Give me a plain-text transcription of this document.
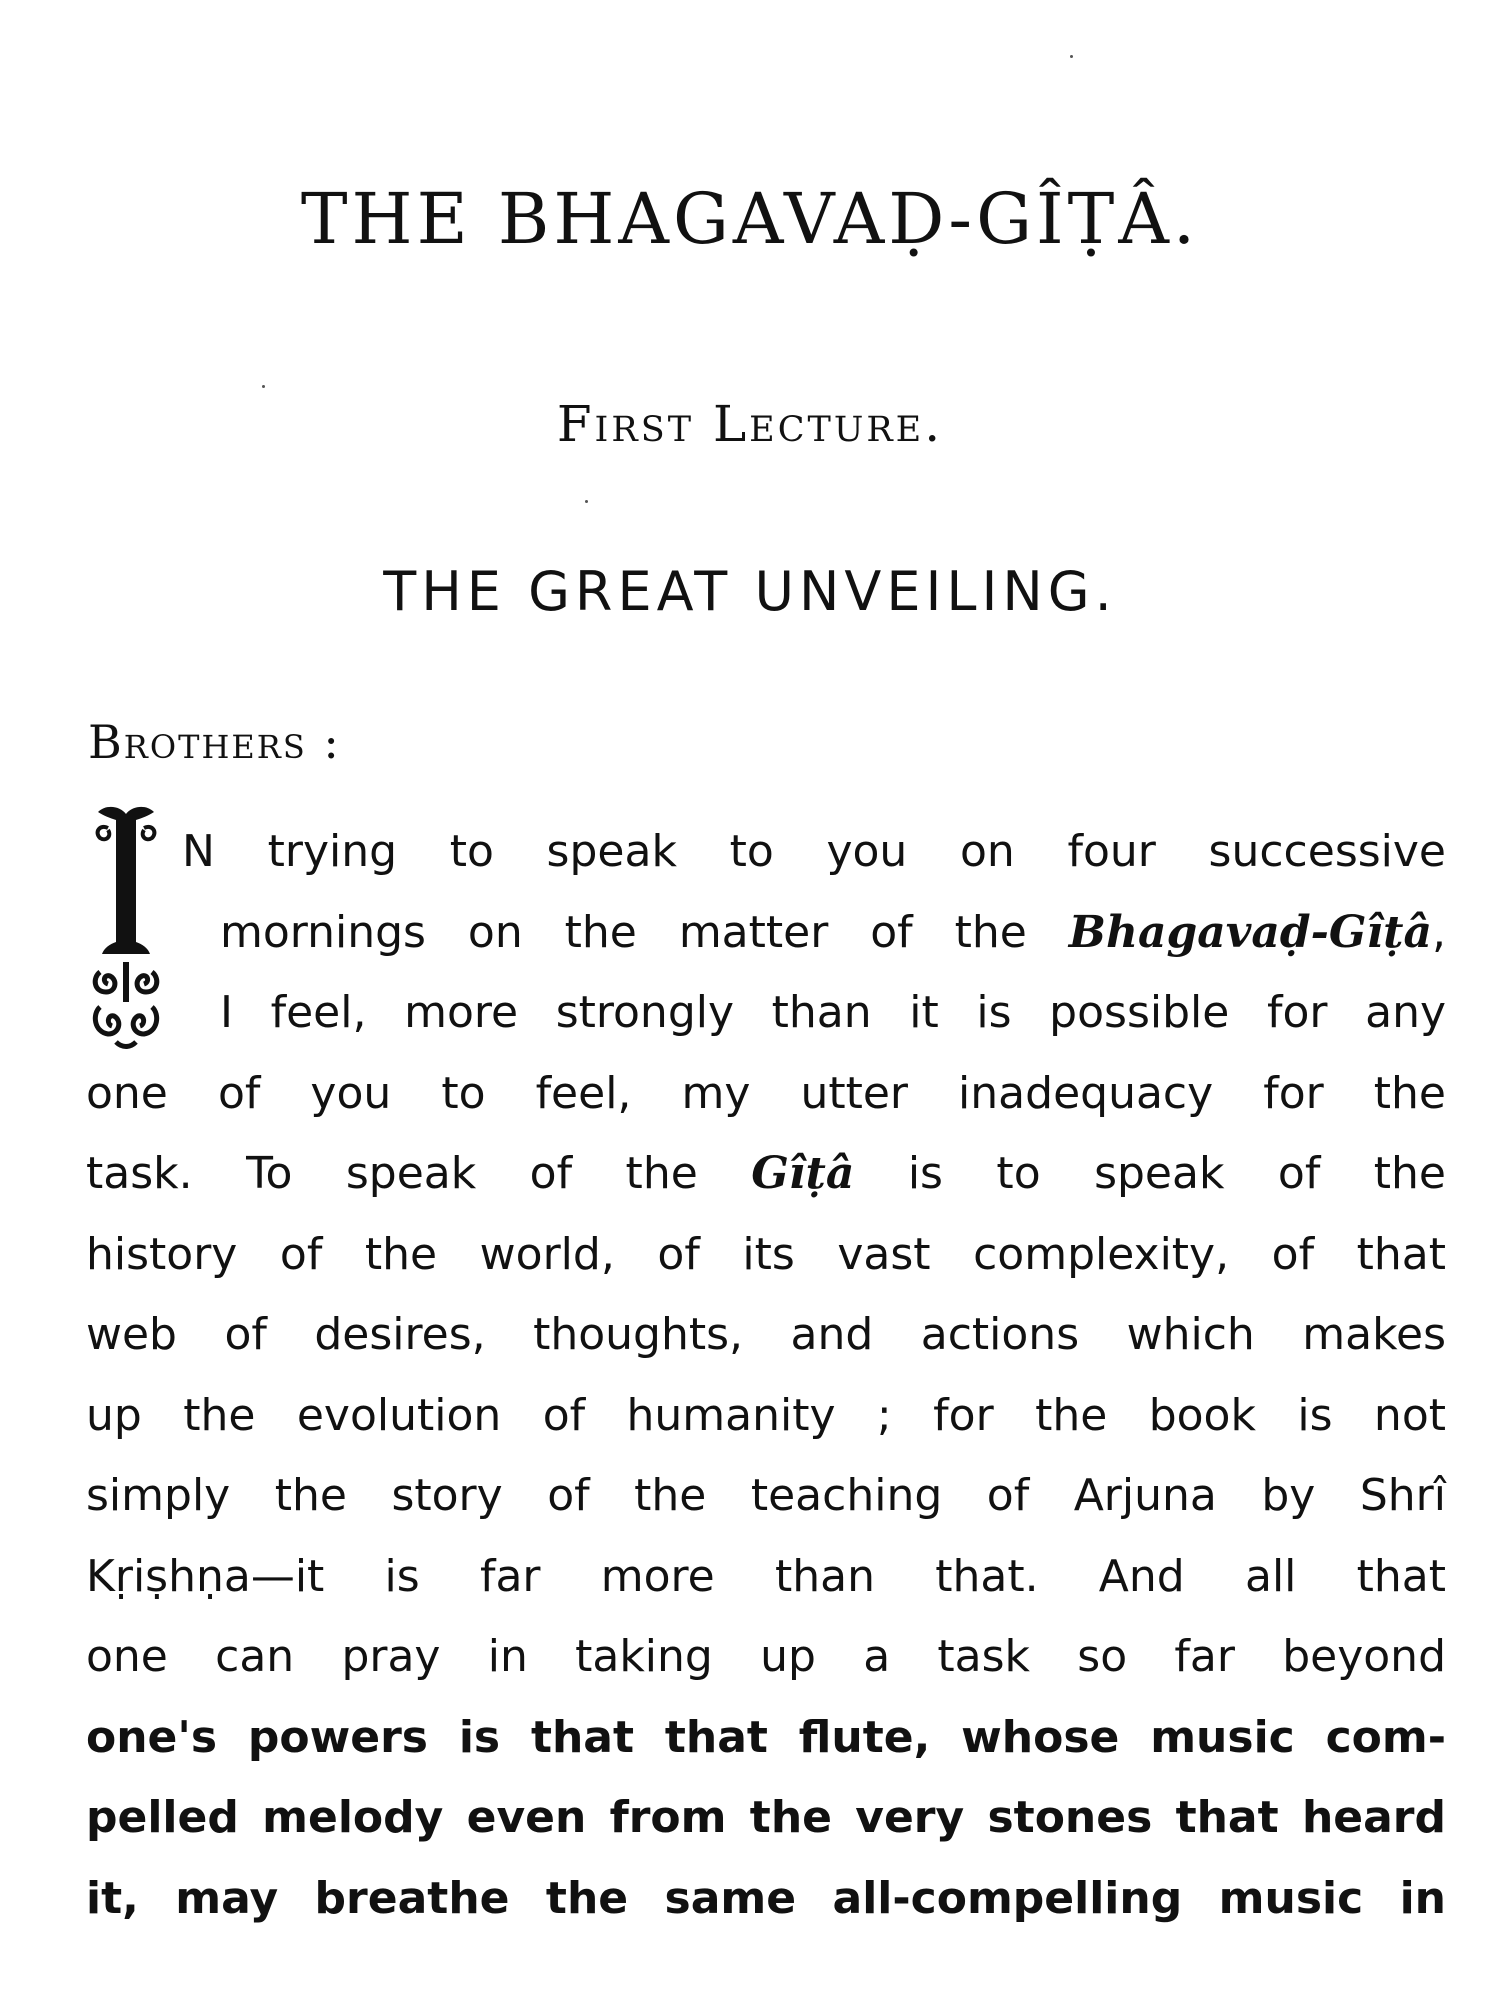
THE BHAGAVAḌ-GÎṬÂ.
First Lecture.
THE GREAT UNVEILING.
Brothers :
N trying to speak to you on four successive
mornings on the matter of the Bhagavaḍ-Gîṭâ,
I feel, more strongly than it is possible for any
one of you to feel, my utter inadequacy for the
task. To speak of the Gîṭâ is to speak of the
history of the world, of its vast complexity, of that
web of desires, thoughts, and actions which makes
up the evolution of humanity ; for the book is not
simply the story of the teaching of Arjuna by Shrî
Kṛiṣhṇa—it is far more than that. And all that
one can pray in taking up a task so far beyond
one's powers is that that flute, whose music com-
pelled melody even from the very stones that heard
it, may breathe the same all-compelling music in
